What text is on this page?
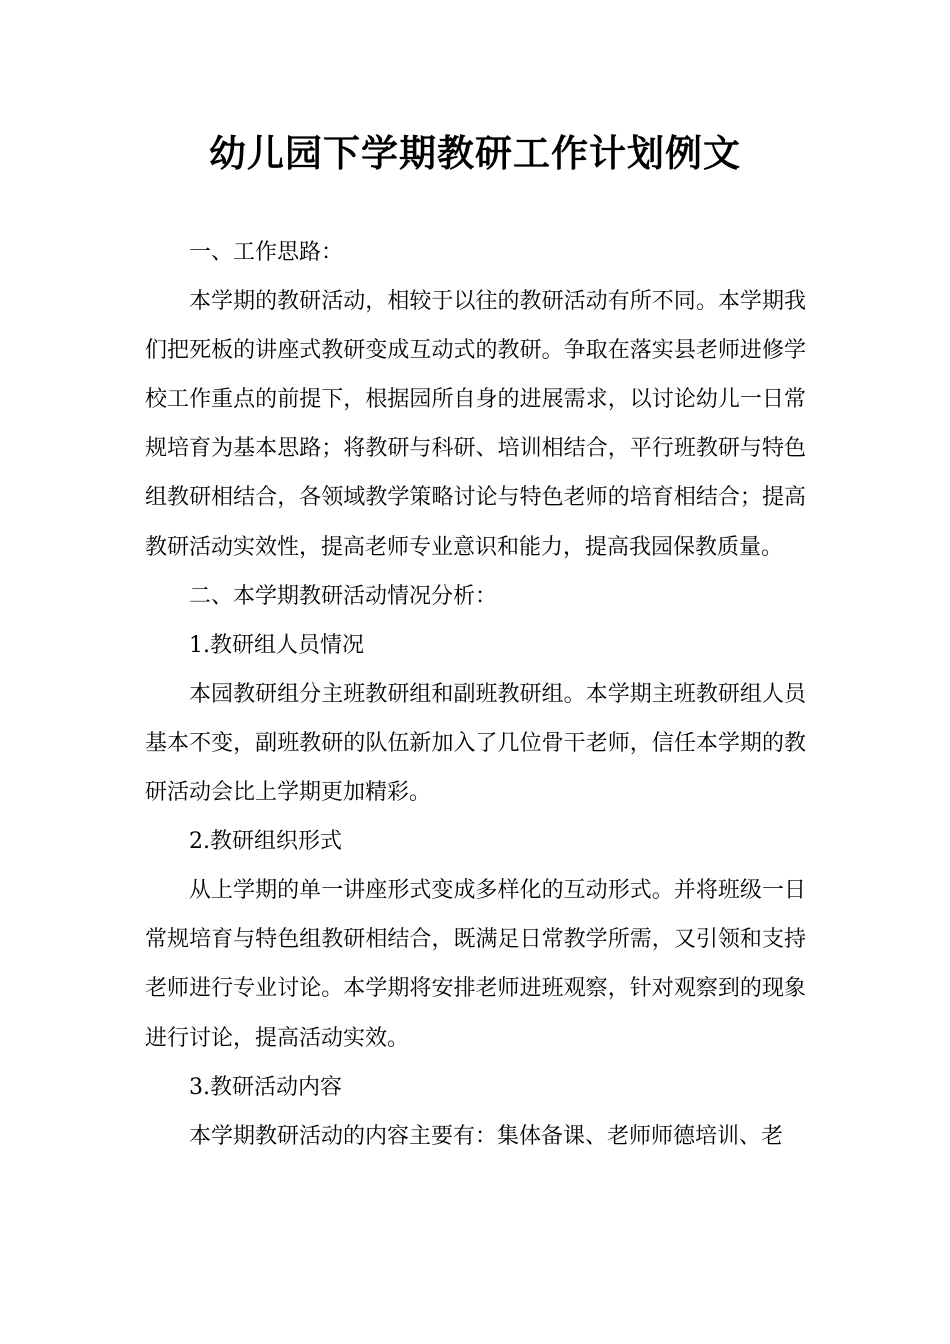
幼儿园下学期教研工作计划例文

一、工作思路：

本学期的教研活动，相较于以往的教研活动有所不同。本学期我们把死板的讲座式教研变成互动式的教研。争取在落实县老师进修学校工作重点的前提下，根据园所自身的进展需求，以讨论幼儿一日常规培育为基本思路；将教研与科研、培训相结合，平行班教研与特色组教研相结合，各领域教学策略讨论与特色老师的培育相结合；提高教研活动实效性，提高老师专业意识和能力，提高我园保教质量。

二、本学期教研活动情况分析：

1.教研组人员情况

本园教研组分主班教研组和副班教研组。本学期主班教研组人员基本不变，副班教研的队伍新加入了几位骨干老师，信任本学期的教研活动会比上学期更加精彩。

2.教研组织形式

从上学期的单一讲座形式变成多样化的互动形式。并将班级一日常规培育与特色组教研相结合，既满足日常教学所需，又引领和支持老师进行专业讨论。本学期将安排老师进班观察，针对观察到的现象进行讨论，提高活动实效。

3.教研活动内容

本学期教研活动的内容主要有：集体备课、老师师德培训、老
